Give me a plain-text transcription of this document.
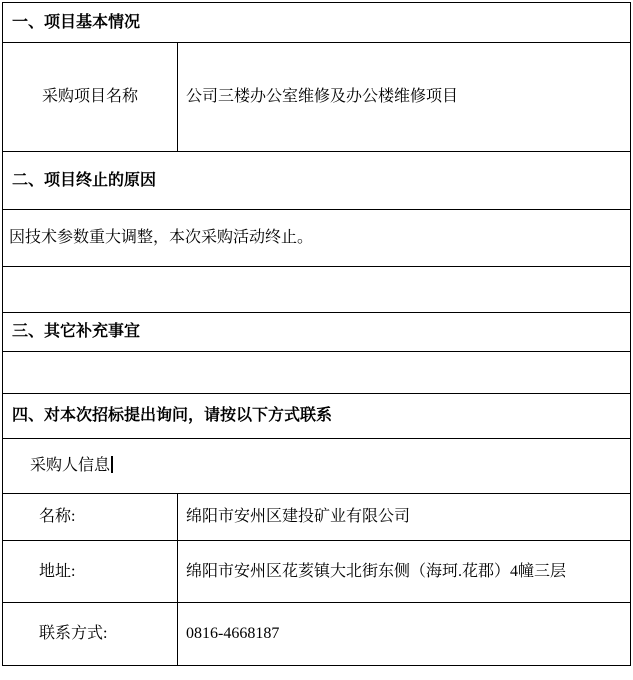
一、项目基本情况	
采购项目名称	公司三楼办公室维修及办公楼维修项目
二、项目终止的原因	
因技术参数重大调整，本次采购活动终止。	

三、其它补充事宜	

四、对本次招标提出询问，请按以下方式联系	
采购人信息	
名称:	绵阳市安州区建投矿业有限公司
地址:	绵阳市安州区花荄镇大北街东侧（海珂.花郡）4幢三层
联系方式:	0816-4668187
